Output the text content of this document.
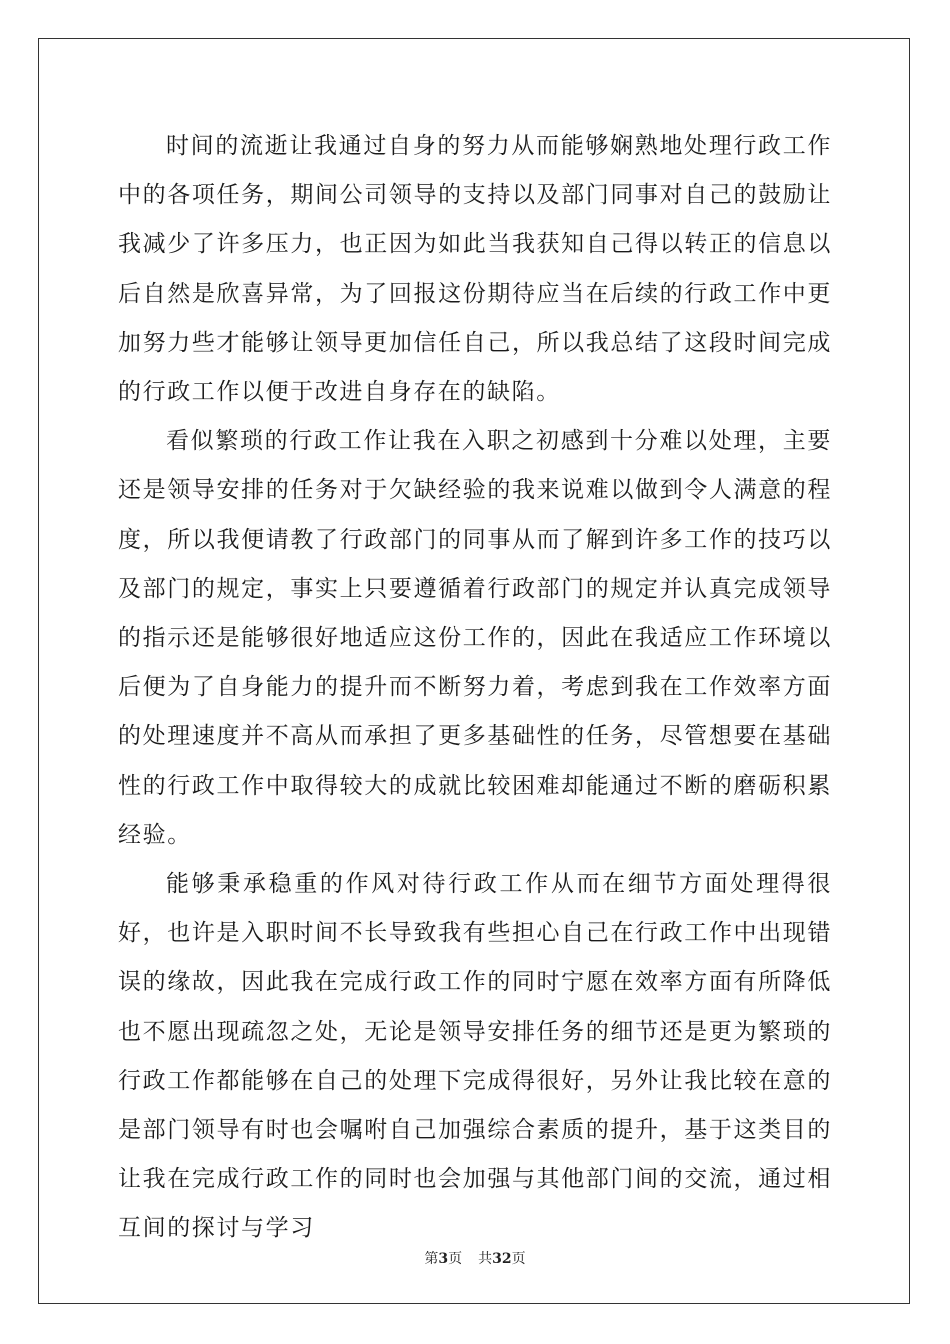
时间的流逝让我通过自身的努力从而能够娴熟地处理行政工作中的各项任务，期间公司领导的支持以及部门同事对自己的鼓励让我减少了许多压力，也正因为如此当我获知自己得以转正的信息以后自然是欣喜异常，为了回报这份期待应当在后续的行政工作中更加努力些才能够让领导更加信任自己，所以我总结了这段时间完成的行政工作以便于改进自身存在的缺陷。

看似繁琐的行政工作让我在入职之初感到十分难以处理，主要还是领导安排的任务对于欠缺经验的我来说难以做到令人满意的程度，所以我便请教了行政部门的同事从而了解到许多工作的技巧以及部门的规定，事实上只要遵循着行政部门的规定并认真完成领导的指示还是能够很好地适应这份工作的，因此在我适应工作环境以后便为了自身能力的提升而不断努力着，考虑到我在工作效率方面的处理速度并不高从而承担了更多基础性的任务，尽管想要在基础性的行政工作中取得较大的成就比较困难却能通过不断的磨砺积累经验。

能够秉承稳重的作风对待行政工作从而在细节方面处理得很好，也许是入职时间不长导致我有些担心自己在行政工作中出现错误的缘故，因此我在完成行政工作的同时宁愿在效率方面有所降低也不愿出现疏忽之处，无论是领导安排任务的细节还是更为繁琐的行政工作都能够在自己的处理下完成得很好，另外让我比较在意的是部门领导有时也会嘱咐自己加强综合素质的提升，基于这类目的让我在完成行政工作的同时也会加强与其他部门间的交流，通过相互间的探讨与学习

第3页 共32页
